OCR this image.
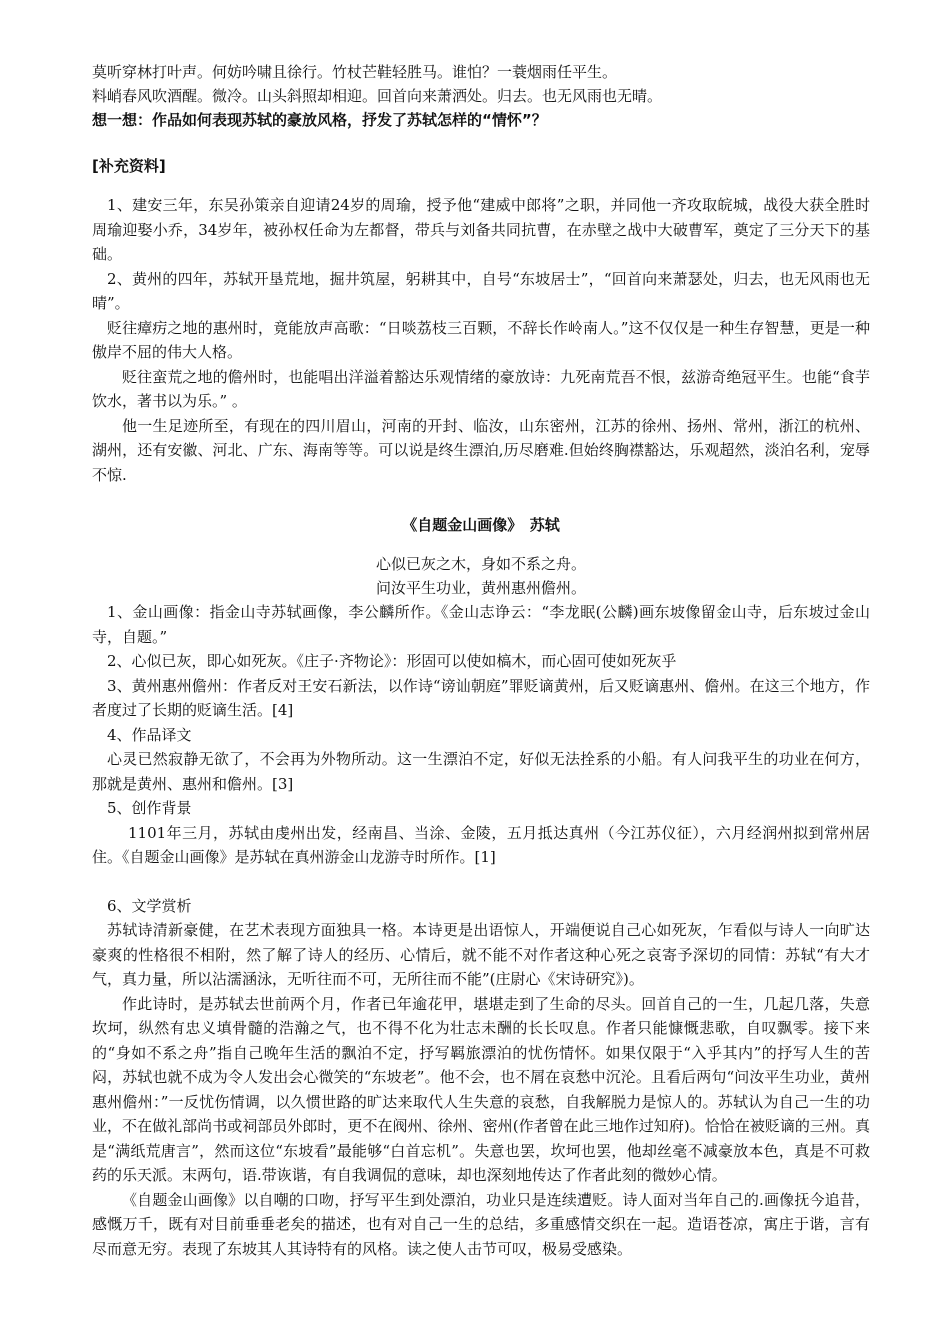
莫听穿林打叶声。何妨吟啸且徐行。竹杖芒鞋轻胜马。谁怕？一蓑烟雨任平生。

料峭春风吹酒醒。微冷。山头斜照却相迎。回首向来萧洒处。归去。也无风雨也无晴。

想一想：作品如何表现苏轼的豪放风格，抒发了苏轼怎样的“情怀”？

[补充资料]

1、建安三年，东吴孙策亲自迎请24岁的周瑜，授予他“建威中郎将”之职，并同他一齐攻取皖城，战役大获全胜时周瑜迎娶小乔，34岁年，被孙权任命为左都督，带兵与刘备共同抗曹，在赤壁之战中大破曹军，奠定了三分天下的基础。

2、黄州的四年，苏轼开垦荒地，掘井筑屋，躬耕其中，自号“东坡居士”，“回首向来萧瑟处，归去，也无风雨也无晴”。

贬往瘴疠之地的惠州时，竟能放声高歌：“日啖荔枝三百颗，不辞长作岭南人。”这不仅仅是一种生存智慧，更是一种傲岸不屈的伟大人格。

贬往蛮荒之地的儋州时，也能唱出洋溢着豁达乐观情绪的豪放诗：九死南荒吾不恨，兹游奇绝冠平生。也能“食芋饮水，著书以为乐。” 。

他一生足迹所至，有现在的四川眉山，河南的开封、临汝，山东密州，江苏的徐州、扬州、常州，浙江的杭州、湖州，还有安徽、河北、广东、海南等等。可以说是终生漂泊,历尽磨难.但始终胸襟豁达，乐观超然，淡泊名利，宠辱不惊.

《自题金山画像》　苏轼

心似已灰之木，身如不系之舟。

问汝平生功业，黄州惠州儋州。

1、金山画像：指金山寺苏轼画像，李公麟所作。《金山志诤云：“李龙眠(公麟)画东坡像留金山寺，后东坡过金山寺，自题。”

2、心似已灰，即心如死灰。《庄子·齐物论》：形固可以使如槁木，而心固可使如死灰乎

3、黄州惠州儋州：作者反对王安石新法，以作诗“谤讪朝庭”罪贬谪黄州，后又贬谪惠州、儋州。在这三个地方，作者度过了长期的贬谪生活。[4]

4、作品译文

心灵已然寂静无欲了，不会再为外物所动。这一生漂泊不定，好似无法拴系的小船。有人问我平生的功业在何方，那就是黄州、惠州和儋州。[3]

5、创作背景

1101年三月，苏轼由虔州出发，经南昌、当涂、金陵，五月抵达真州（今江苏仪征），六月经润州拟到常州居住。《自题金山画像》是苏轼在真州游金山龙游寺时所作。[1]

6、文学赏析

苏轼诗清新豪健，在艺术表现方面独具一格。本诗更是出语惊人，开端便说自己心如死灰，乍看似与诗人一向旷达豪爽的性格很不相附，然了解了诗人的经历、心情后，就不能不对作者这种心死之哀寄予深切的同情：苏轼“有大才气，真力量，所以沾濡涵泳，无听往而不可，无所往而不能”(庄尉心《宋诗研究》)。

作此诗时，是苏轼去世前两个月，作者已年逾花甲，堪堪走到了生命的尽头。回首自己的一生，几起几落，失意坎坷，纵然有忠义填骨髓的浩瀚之气，也不得不化为壮志未酬的长长叹息。作者只能慷慨悲歌，自叹飘零。接下来的“身如不系之舟”指自己晚年生活的飘泊不定，抒写羁旅漂泊的忧伤情怀。如果仅限于“入乎其内”的抒写人生的苦闷，苏轼也就不成为令人发出会心微笑的“东坡老”。他不会，也不屑在哀愁中沉沦。且看后两句“问汝平生功业，黄州惠州儋州：”一反忧伤情调，以久惯世路的旷达来取代人生失意的哀愁，自我解脱力是惊人的。苏轼认为自己一生的功业，不在做礼部尚书或祠部员外郎时，更不在阀州、徐州、密州(作者曾在此三地作过知府)。恰恰在被贬谪的三州。真是“满纸荒唐言”，然而这位“东坡看”最能够“白首忘机”。失意也罢，坎坷也罢，他却丝毫不减豪放本色，真是不可救药的乐天派。末两句，语.带诙谐，有自我调侃的意味，却也深刻地传达了作者此刻的微妙心情。

《自题金山画像》以自嘲的口吻，抒写平生到处漂泊，功业只是连续遭贬。诗人面对当年自己的.画像抚今追昔，感慨万千，既有对目前垂垂老矣的描述，也有对自己一生的总结，多重感情交织在一起。造语苍凉，寓庄于谐，言有尽而意无穷。表现了东坡其人其诗特有的风格。读之使人击节可叹，极易受感染。
